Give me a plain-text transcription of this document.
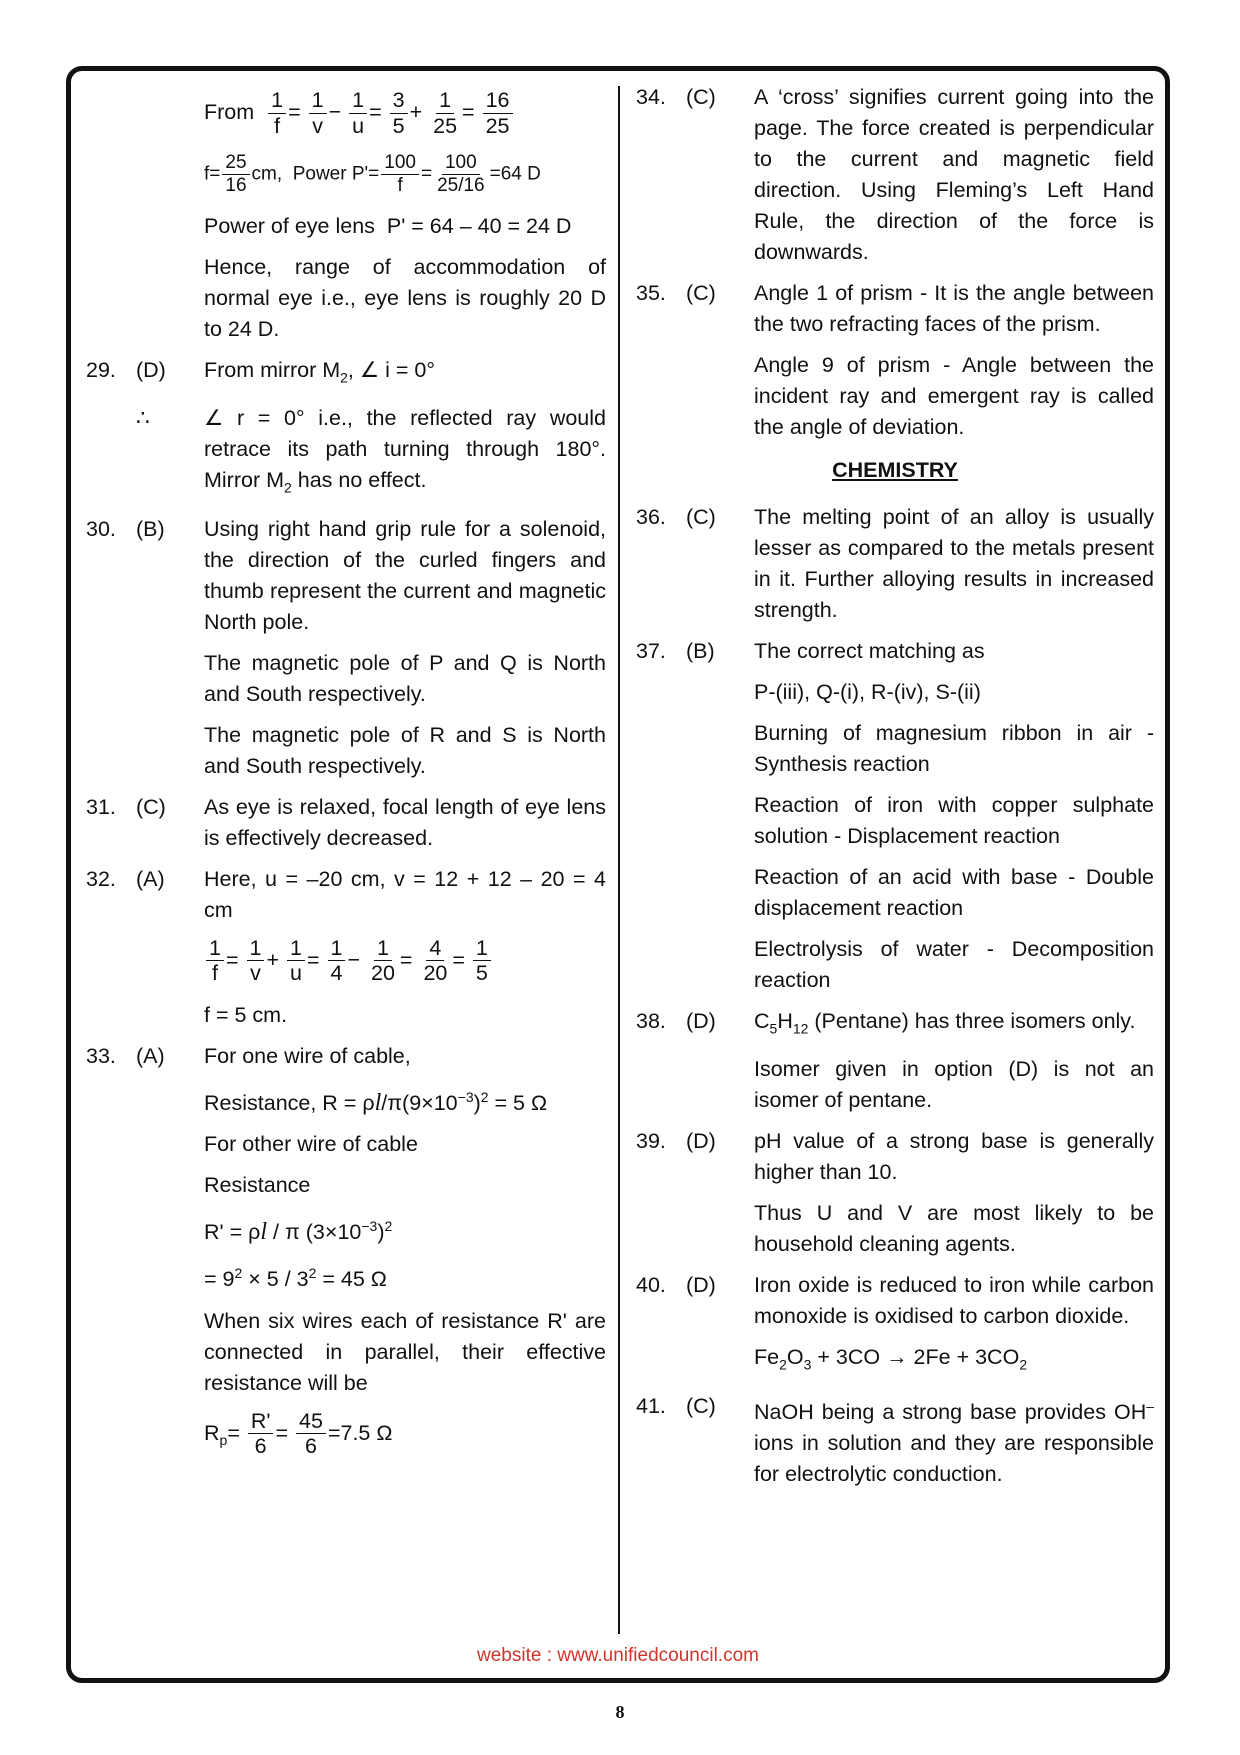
From $\frac{1}{f} = \frac{1}{v} - \frac{1}{u} = \frac{3}{5} + \frac{1}{25} = \frac{16}{25}$
$f= \frac{25}{16}$ cm, Power $P'= \frac{100}{f} = \frac{100}{25/16} =64$ D

Power of eye lens P' = 64 – 40 = 24 D

Hence, range of accommodation of normal eye i.e., eye lens is roughly 20 D to 24 D.

29. (D)	From mirror $M_2$, ∠ i = 0°

∴	∠ r = 0° i.e., the reflected ray would retrace its path turning through 180°. Mirror $M_2$ has no effect.

30. (B)	Using right hand grip rule for a solenoid, the direction of the curled fingers and thumb represent the current and magnetic North pole.

The magnetic pole of P and Q is North and South respectively.

The magnetic pole of R and S is North and South respectively.

31. (C)	As eye is relaxed, focal length of eye lens is effectively decreased.

32. (A)	Here, u = –20 cm, v = 12 + 12 – 20 = 4 cm

$\frac{1}{f} = \frac{1}{v} + \frac{1}{u} = \frac{1}{4} - \frac{1}{20} = \frac{4}{20} = \frac{1}{5}$

f = 5 cm.

33. (A)	For one wire of cable,

Resistance, $R = \rho l/\pi(9\times 10^{-3})^2 = 5$ Ω

For other wire of cable

Resistance

R' = ρl / π $(3\times 10^{-3})^2$

= $9^2 \times 5 / 3^2 = 45$ Ω

When six wires each of resistance R' are connected in parallel, their effective resistance will be

$R_p= \frac{R'}{6} = \frac{45}{6} =7.5$ Ω
34. (C)	A ‘cross’ signifies current going into the page. The force created is perpendicular to the current and magnetic field direction. Using Fleming’s Left Hand Rule, the direction of the force is downwards.

35. (C)	Angle 1 of prism - It is the angle between the two refracting faces of the prism.

Angle 9 of prism - Angle between the incident ray and emergent ray is called the angle of deviation.

CHEMISTRY
36. (C)	The melting point of an alloy is usually lesser as compared to the metals present in it. Further alloying results in increased strength.

37. (B)	The correct matching as

P-(iii), Q-(i), R-(iv), S-(ii)

Burning of magnesium ribbon in air - Synthesis reaction

Reaction of iron with copper sulphate solution - Displacement reaction

Reaction of an acid with base - Double displacement reaction

Electrolysis of water - Decomposition reaction

38. (D)	$C_5H_{12}$ (Pentane) has three isomers only.

Isomer given in option (D) is not an isomer of pentane.

39. (D)	pH value of a strong base is generally higher than 10.

Thus U and V are most likely to be household cleaning agents.

40. (D)	Iron oxide is reduced to iron while carbon monoxide is oxidised to carbon dioxide.

$Fe_2O_3 + 3CO \to 2Fe + 3CO_2$

41. (C)	NaOH being a strong base provides OH– ions in solution and they are responsible for electrolytic conduction.

website : www.unifiedcouncil.com
8
